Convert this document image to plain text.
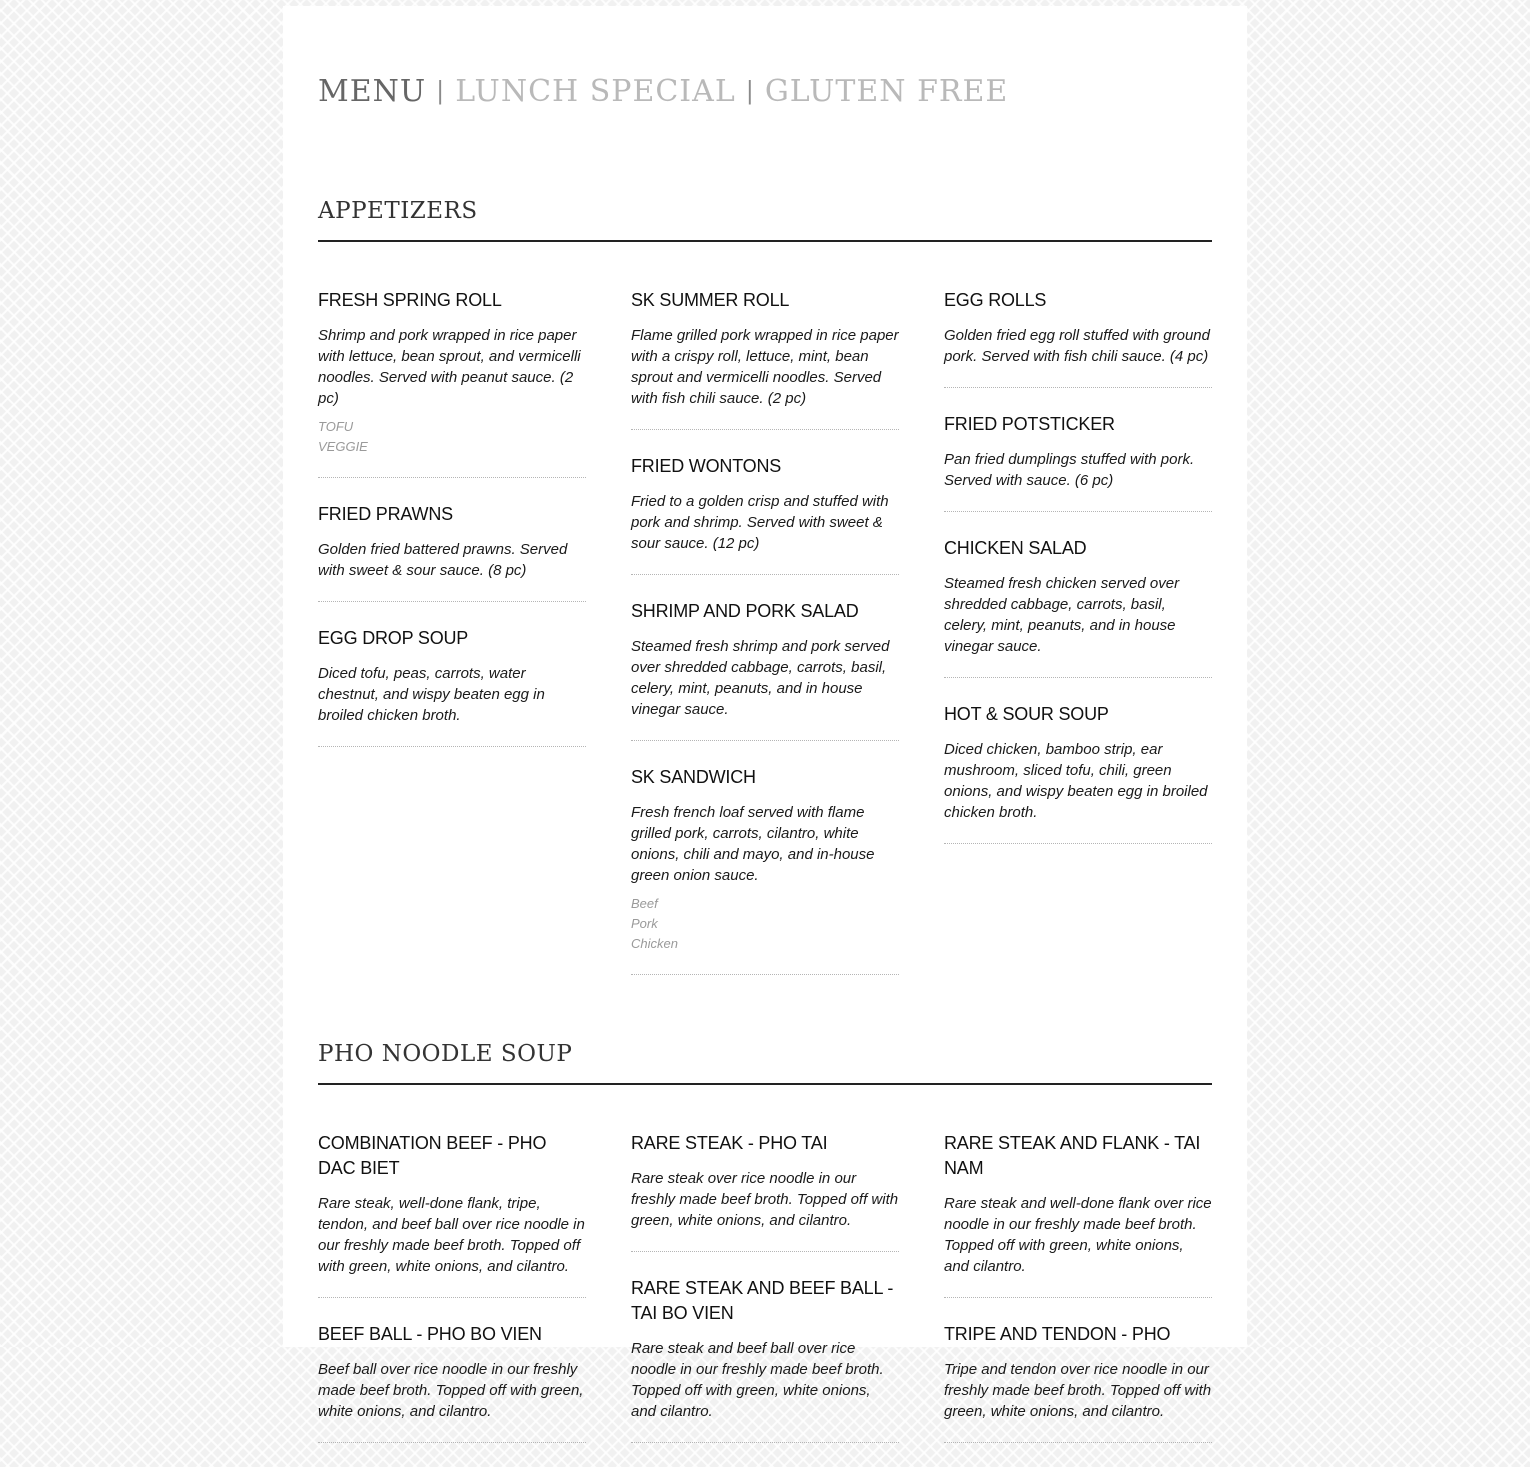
MENU | LUNCH SPECIAL | GLUTEN FREE
APPETIZERS
FRESH SPRING ROLL

Shrimp and pork wrapped in rice paper with lettuce, bean sprout, and vermicelli noodles. Served with peanut sauce. (2 pc)

TOFU
VEGGIE
FRIED PRAWNS

Golden fried battered prawns. Served with sweet & sour sauce. (8 pc)

EGG DROP SOUP

Diced tofu, peas, carrots, water chestnut, and wispy beaten egg in broiled chicken broth.

SK SUMMER ROLL

Flame grilled pork wrapped in rice paper with a crispy roll, lettuce, mint, bean sprout and vermicelli noodles. Served with fish chili sauce. (2 pc)

FRIED WONTONS

Fried to a golden crisp and stuffed with pork and shrimp. Served with sweet & sour sauce. (12 pc)

SHRIMP AND PORK SALAD

Steamed fresh shrimp and pork served over shredded cabbage, carrots, basil, celery, mint, peanuts, and in house vinegar sauce.

SK SANDWICH

Fresh french loaf served with flame grilled pork, carrots, cilantro, white onions, chili and mayo, and in-house green onion sauce.

Beef
Pork
Chicken
EGG ROLLS

Golden fried egg roll stuffed with ground pork. Served with fish chili sauce. (4 pc)

FRIED POTSTICKER

Pan fried dumplings stuffed with pork. Served with sauce. (6 pc)

CHICKEN SALAD

Steamed fresh chicken served over shredded cabbage, carrots, basil, celery, mint, peanuts, and in house vinegar sauce.

HOT & SOUR SOUP

Diced chicken, bamboo strip, ear mushroom, sliced tofu, chili, green onions, and wispy beaten egg in broiled chicken broth.

PHO NOODLE SOUP
COMBINATION BEEF - PHO DAC BIET

Rare steak, well-done flank, tripe, tendon, and beef ball over rice noodle in our freshly made beef broth. Topped off with green, white onions, and cilantro.

BEEF BALL - PHO BO VIEN

Beef ball over rice noodle in our freshly made beef broth. Topped off with green, white onions, and cilantro.

RARE STEAK - PHO TAI

Rare steak over rice noodle in our freshly made beef broth. Topped off with green, white onions, and cilantro.

RARE STEAK AND BEEF BALL - TAI BO VIEN

Rare steak and beef ball over rice noodle in our freshly made beef broth. Topped off with green, white onions, and cilantro.

RARE STEAK AND FLANK - TAI NAM

Rare steak and well-done flank over rice noodle in our freshly made beef broth. Topped off with green, white onions, and cilantro.

TRIPE AND TENDON - PHO

Tripe and tendon over rice noodle in our freshly made beef broth. Topped off with green, white onions, and cilantro.
